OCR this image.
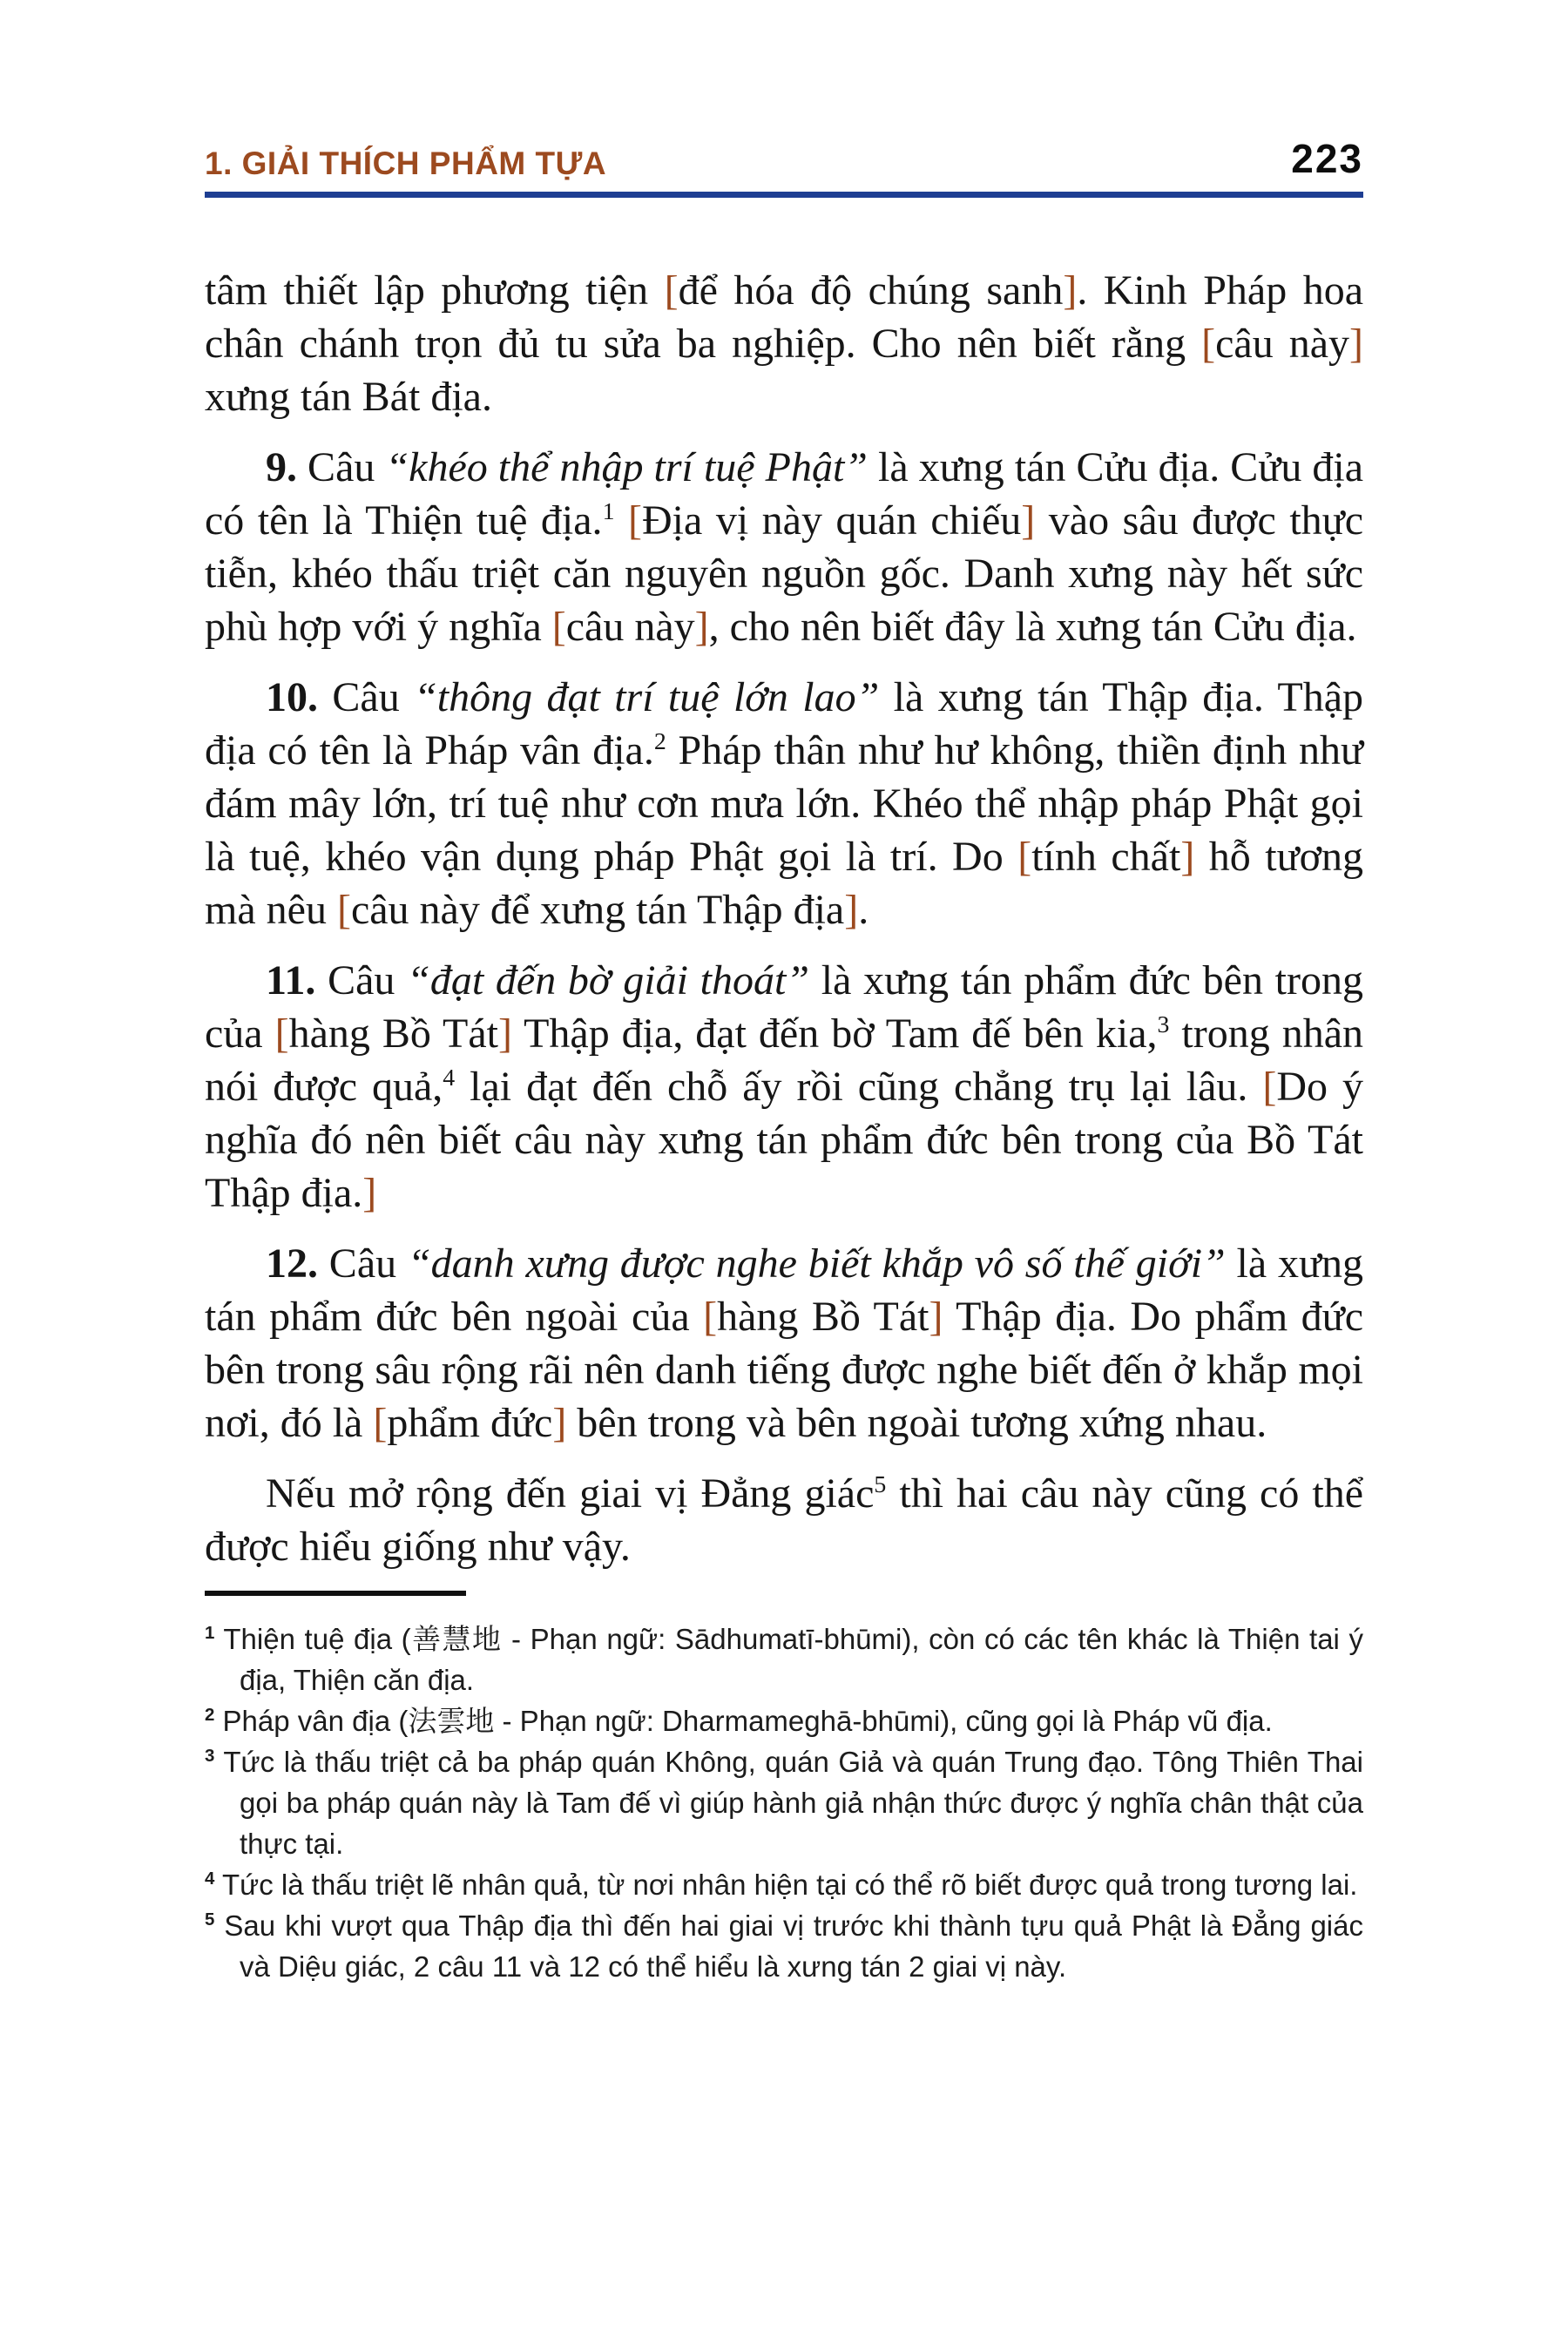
1. GIẢI THÍCH PHẨM TỰA	223

tâm thiết lập phương tiện [để hóa độ chúng sanh]. Kinh Pháp hoa chân chánh trọn đủ tu sửa ba nghiệp. Cho nên biết rằng [câu này] xưng tán Bát địa.

9. Câu “khéo thể nhập trí tuệ Phật” là xưng tán Cửu địa. Cửu địa có tên là Thiện tuệ địa.$^1$ [Địa vị này quán chiếu] vào sâu được thực tiễn, khéo thấu triệt căn nguyên nguồn gốc. Danh xưng này hết sức phù hợp với ý nghĩa [câu này], cho nên biết đây là xưng tán Cửu địa.

10. Câu “thông đạt trí tuệ lớn lao” là xưng tán Thập địa. Thập địa có tên là Pháp vân địa.$^2$ Pháp thân như hư không, thiền định như đám mây lớn, trí tuệ như cơn mưa lớn. Khéo thể nhập pháp Phật gọi là tuệ, khéo vận dụng pháp Phật gọi là trí. Do [tính chất] hỗ tương mà nêu [câu này để xưng tán Thập địa].

11. Câu “đạt đến bờ giải thoát” là xưng tán phẩm đức bên trong của [hàng Bồ Tát] Thập địa, đạt đến bờ Tam đế bên kia,$^3$ trong nhân nói được quả,$^4$ lại đạt đến chỗ ấy rồi cũng chẳng trụ lại lâu. [Do ý nghĩa đó nên biết câu này xưng tán phẩm đức bên trong của Bồ Tát Thập địa.]

12. Câu “danh xưng được nghe biết khắp vô số thế giới” là xưng tán phẩm đức bên ngoài của [hàng Bồ Tát] Thập địa. Do phẩm đức bên trong sâu rộng rãi nên danh tiếng được nghe biết đến ở khắp mọi nơi, đó là [phẩm đức] bên trong và bên ngoài tương xứng nhau.

Nếu mở rộng đến giai vị Đẳng giác$^5$ thì hai câu này cũng có thể được hiểu giống như vậy.

$^1$ Thiện tuệ địa (善慧地 - Phạn ngữ: Sādhumatī-bhūmi), còn có các tên khác là Thiện tai ý địa, Thiện căn địa.

$^2$ Pháp vân địa (法雲地 - Phạn ngữ: Dharmameghā-bhūmi), cũng gọi là Pháp vũ địa.

$^3$ Tức là thấu triệt cả ba pháp quán Không, quán Giả và quán Trung đạo. Tông Thiên Thai gọi ba pháp quán này là Tam đế vì giúp hành giả nhận thức được ý nghĩa chân thật của thực tại.

$^4$ Tức là thấu triệt lẽ nhân quả, từ nơi nhân hiện tại có thể rõ biết được quả trong tương lai.

$^5$ Sau khi vượt qua Thập địa thì đến hai giai vị trước khi thành tựu quả Phật là Đẳng giác và Diệu giác, 2 câu 11 và 12 có thể hiểu là xưng tán 2 giai vị này.
